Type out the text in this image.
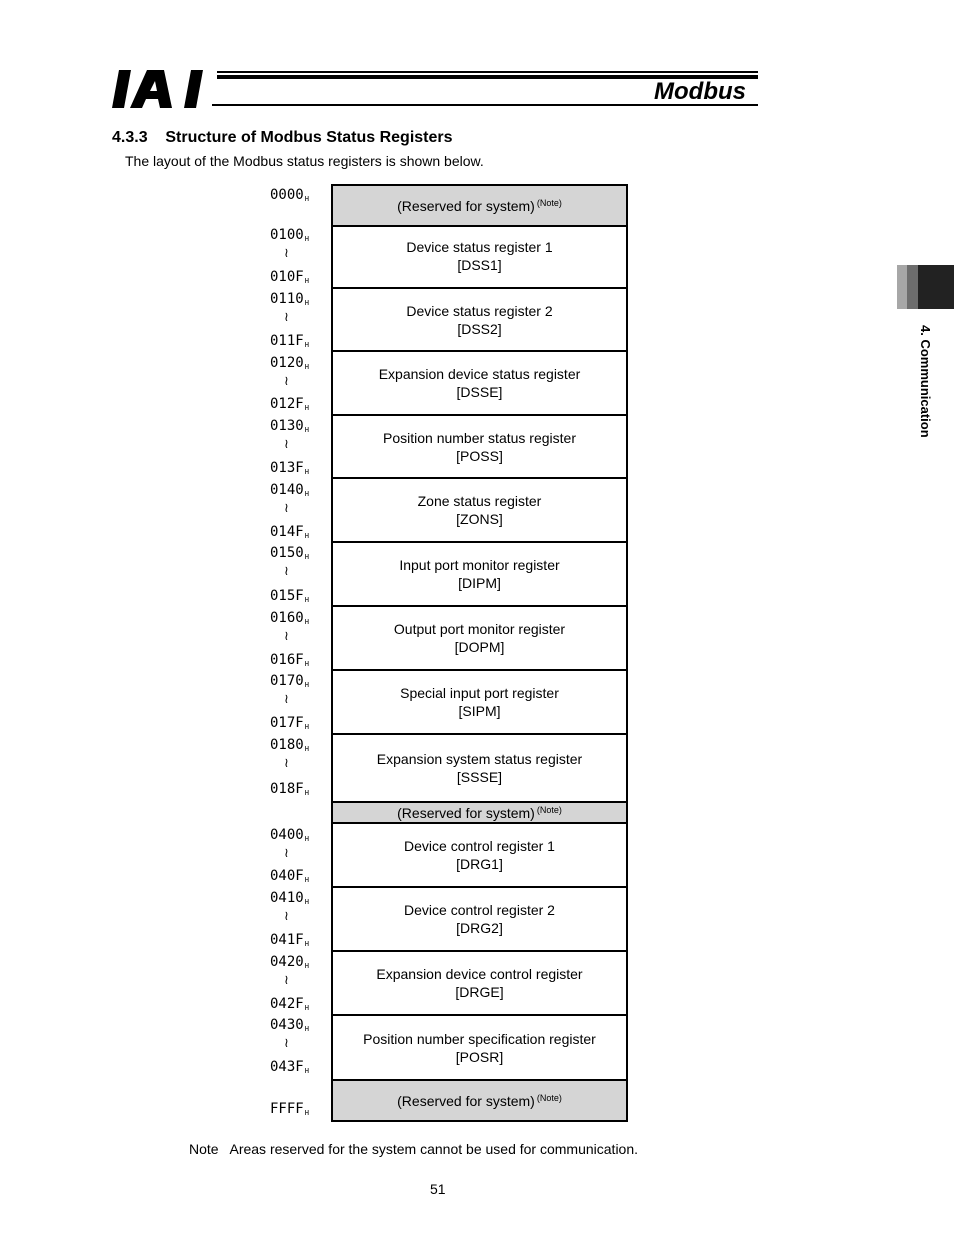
Modbus
4.3.3 Structure of Modbus Status Registers
The layout of the Modbus status registers is shown below.
4. Communication
(Reserved for system) $^{(Note)}$
Device status register 1
[DSS1]
Device status register 2
[DSS2]
Expansion device status register
[DSSE]
Position number status register
[POSS]
Zone status register
[ZONS]
Input port monitor register
[DIPM]
Output port monitor register
[DOPM]
Special input port register
[SIPM]
Expansion system status register
[SSSE]
(Reserved for system) $^{(Note)}$
Device control register 1
[DRG1]
Device control register 2
[DRG2]
Expansion device control register
[DRGE]
Position number specification register
[POSR]
(Reserved for system) $^{(Note)}$
0000H
0100H
≀
010FH
0110H
≀
011FH
0120H
≀
012FH
0130H
≀
013FH
0140H
≀
014FH
0150H
≀
015FH
0160H
≀
016FH
0170H
≀
017FH
0180H
≀
018FH
0400H
≀
040FH
0410H
≀
041FH
0420H
≀
042FH
0430H
≀
043FH
FFFFH
Note Areas reserved for the system cannot be used for communication.
51
